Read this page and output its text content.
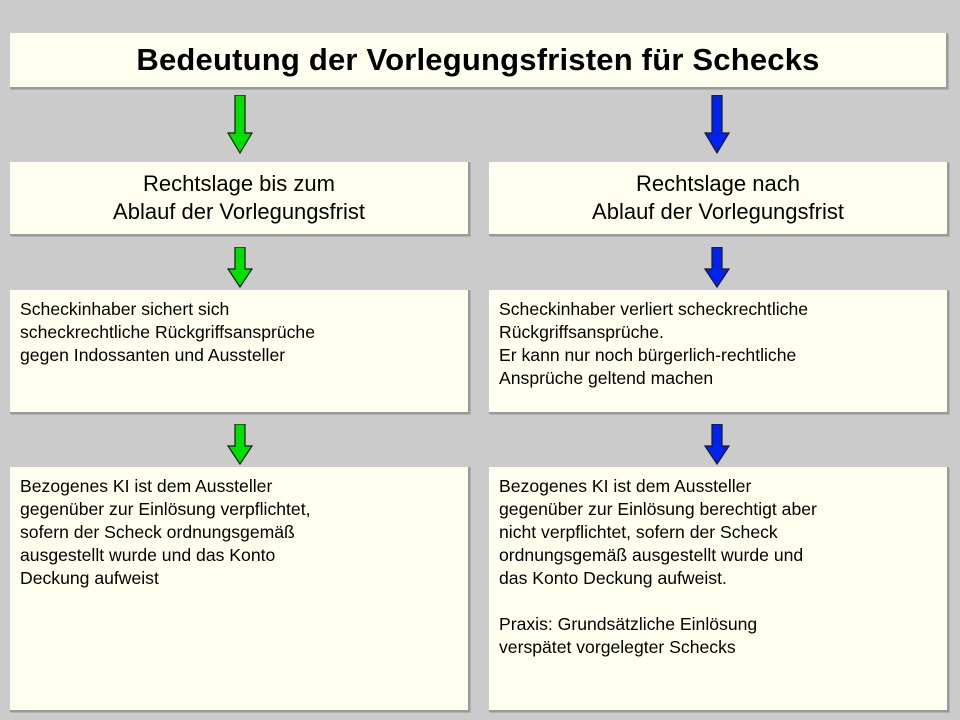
Bedeutung der Vorlegungsfristen für Schecks
Rechtslage bis zum
Ablauf der Vorlegungsfrist
Rechtslage nach
Ablauf der Vorlegungsfrist
Scheckinhaber sichert sich
scheckrechtliche Rückgriffsansprüche
gegen Indossanten und Aussteller
Scheckinhaber verliert scheckrechtliche
Rückgriffsansprüche.
Er kann nur noch bürgerlich-rechtliche
Ansprüche geltend machen
Bezogenes KI ist dem Aussteller
gegenüber zur Einlösung verpflichtet,
sofern der Scheck ordnungsgemäß
ausgestellt wurde und das Konto
Deckung aufweist
Bezogenes KI ist dem Aussteller
gegenüber zur Einlösung berechtigt aber
nicht verpflichtet, sofern der Scheck
ordnungsgemäß ausgestellt wurde und
das Konto Deckung aufweist.
Praxis: Grundsätzliche Einlösung
verspätet vorgelegter Schecks
